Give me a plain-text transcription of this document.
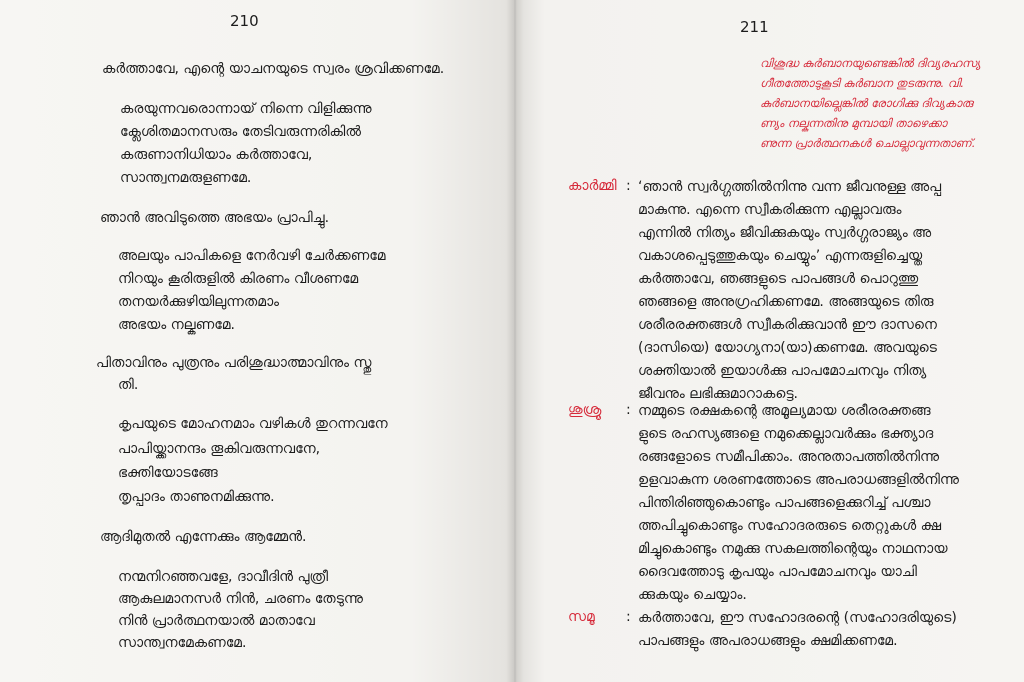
210
കർത്താവേ, എന്റെ യാചനയുടെ സ്വരം ശ്രവിക്കണമേ.
കരയുന്നവരൊന്നായ് നിന്നെ വിളിക്കുന്നു
ക്ലേശിതമാനസരും തേടിവരുന്നരികിൽ
കരുണാനിധിയാം കർത്താവേ,
സാന്ത്വനമരുളണമേ.
ഞാൻ അവിടുത്തെ അഭയം പ്രാപിച്ചു.
അലയും പാപികളെ നേർവഴി ചേർക്കണമേ
നിറയും കൂരിരുളിൽ കിരണം വീശണമേ
തനയർക്കുഴിയിലുന്നതമാം
അഭയം നല്കണമേ.
പിതാവിനും പുത്രനും പരിശുദ്ധാത്മാവിനും സ്തു
തി.
കൃപയുടെ മോഹനമാം വഴികൾ തുറന്നവനേ
പാപിയ്ക്കാനന്ദം തൂകിവരുന്നവനേ,
ഭക്തിയോടങ്ങേ
തൃപ്പാദം താണുനമിക്കുന്നു.
ആദിമുതൽ എന്നേക്കും ആമ്മേൻ.
നന്മനിറഞ്ഞവളേ, ദാവീദിൻ പുത്രീ
ആകുലമാനസർ നിൻ, ചരണം തേടുന്നു
നിൻ പ്രാർത്ഥനയാൽ മാതാവേ
സാന്ത്വനമേകണമേ.
211
വിശുദ്ധ കുർബാനയുണ്ടെങ്കിൽ ദിവ്യരഹസ്യ
ഗീതത്തോടുകൂടി കുർബാന തുടരുന്നു. വി.
കുർബാനയില്ലെങ്കിൽ രോഗിക്കു ദിവ്യകാരു
ണ്യം നല്കുന്നതിനു മുമ്പായി താഴെക്കാ
ണുന്ന പ്രാർത്ഥനകൾ ചൊല്ലാവുന്നതാണ്.
കാർമ്മി : ‘ഞാൻ സ്വർഗ്ഗത്തിൽനിന്നു വന്ന ജീവനുള്ള അപ്പ
മാകുന്നു. എന്നെ സ്വീകരിക്കുന്ന എല്ലാവരും
എന്നിൽ നിത്യം ജീവിക്കുകയും സ്വർഗ്ഗരാജ്യം അ
വകാശപ്പെടുത്തുകയും ചെയ്യും’ എന്നരുളിച്ചെയ്ത
കർത്താവേ, ഞങ്ങളുടെ പാപങ്ങൾ പൊറുത്തു
ഞങ്ങളെ അനുഗ്രഹിക്കണമേ. അങ്ങയുടെ തിരു
ശരീരരക്തങ്ങൾ സ്വീകരിക്കുവാൻ ഈ ദാസനെ
(ദാസിയെ) യോഗ്യനാ(യാ)ക്കണമേ. അവയുടെ
ശക്തിയാൽ ഇയാൾക്കു പാപമോചനവും നിത്യ
ജീവനും ലഭിക്കുമാറാകട്ടെ.
ശുശ്രൂ : നമ്മുടെ രക്ഷകന്റെ അമൂല്യമായ ശരീരരക്തങ്ങ
ളുടെ രഹസ്യങ്ങളെ നമുക്കെല്ലാവർക്കും ഭക്ത്യാദ
രങ്ങളോടെ സമീപിക്കാം. അനുതാപത്തിൽനിന്നു
ഉളവാകുന്ന ശരണത്തോടെ അപരാധങ്ങളിൽനിന്നു
പിന്തിരിഞ്ഞുകൊണ്ടും പാപങ്ങളെക്കുറിച്ച് പശ്ചാ
ത്തപിച്ചുകൊണ്ടും സഹോദരരുടെ തെറ്റുകൾ ക്ഷ
മിച്ചുകൊണ്ടും നമുക്കു സകലത്തിന്റെയും നാഥനായ
ദൈവത്തോടു കൃപയും പാപമോചനവും യാചി
ക്കുകയും ചെയ്യാം.
സമൂ : കർത്താവേ, ഈ സഹോദരന്റെ (സഹോദരിയുടെ)
പാപങ്ങളും അപരാധങ്ങളും ക്ഷമിക്കണമേ.
